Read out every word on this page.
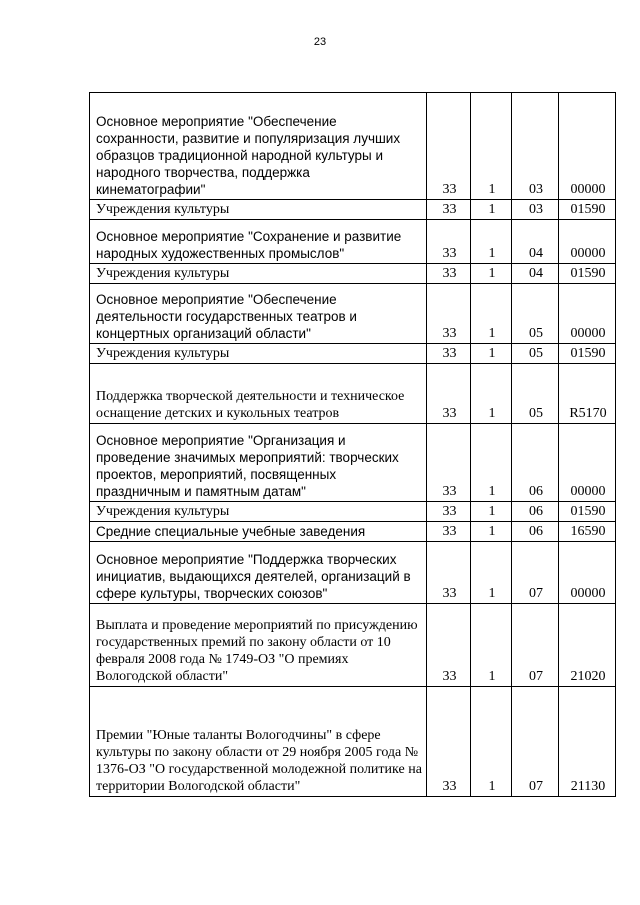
23
Основное мероприятие "Обеспечение сохранности, развитие и популяризация лучших образцов традиционной народной культуры и народного творчества, поддержка кинематографии"	33	1	03	00000
Учреждения культуры	33	1	03	01590
Основное мероприятие "Сохранение и развитие народных художественных промыслов"	33	1	04	00000
Учреждения культуры	33	1	04	01590
Основное мероприятие "Обеспечение деятельности государственных театров и концертных организаций области"	33	1	05	00000
Учреждения культуры	33	1	05	01590
Поддержка творческой деятельности и техническое оснащение детских и кукольных театров	33	1	05	R5170
Основное мероприятие "Организация и проведение значимых мероприятий: творческих проектов, мероприятий, посвященных праздничным и памятным датам"	33	1	06	00000
Учреждения культуры	33	1	06	01590
Средние специальные учебные заведения	33	1	06	16590
Основное мероприятие "Поддержка творческих инициатив, выдающихся деятелей, организаций в сфере культуры, творческих союзов"	33	1	07	00000
Выплата и проведение мероприятий по присуждению государственных премий по закону области от 10 февраля 2008 года № 1749-ОЗ "О премиях Вологодской области"	33	1	07	21020
Премии "Юные таланты Вологодчины" в сфере культуры по закону области от 29 ноября 2005 года № 1376-ОЗ "О государственной молодежной политике на территории Вологодской области"	33	1	07	21130
